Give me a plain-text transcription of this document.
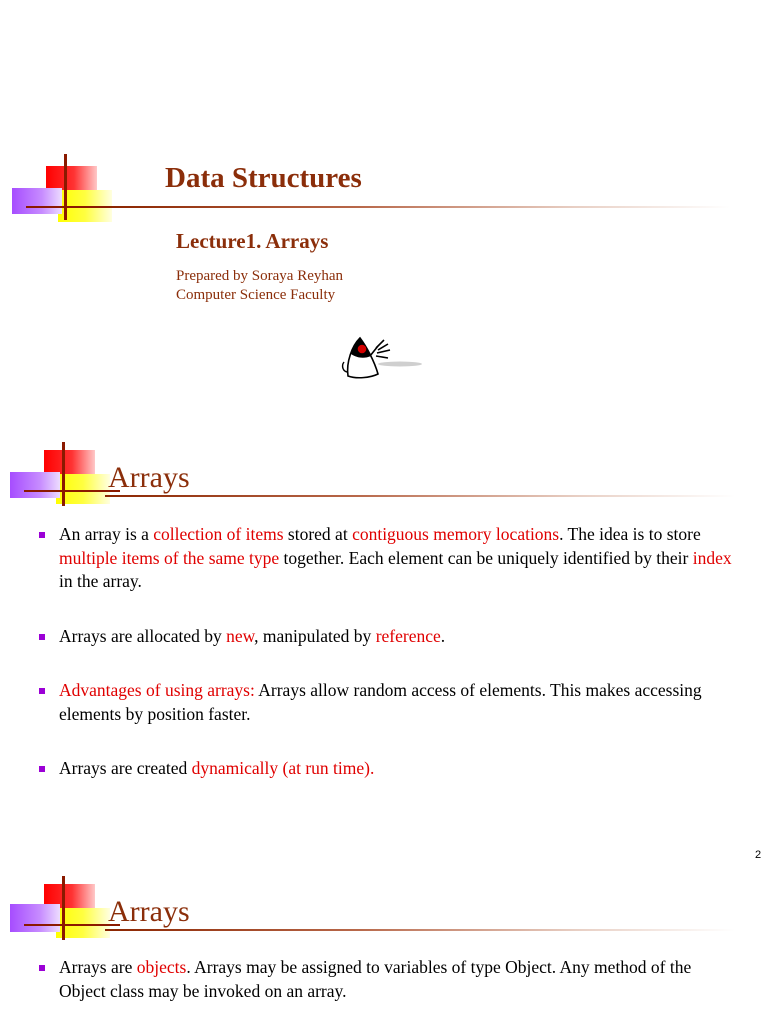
Data Structures
Lecture1. Arrays
Prepared by Soraya Reyhan
Computer Science Faculty
Arrays
An array is a collection of items stored at contiguous memory locations. The idea is to store multiple items of the same type together. Each element can be uniquely identified by their index in the array.
Arrays are allocated by new, manipulated by reference.
Advantages of using arrays: Arrays allow random access of elements. This makes accessing elements by position faster.
Arrays are created dynamically (at run time).
2
Arrays
Arrays are objects. Arrays may be assigned to variables of type Object. Any method of the Object class may be invoked on an array.
